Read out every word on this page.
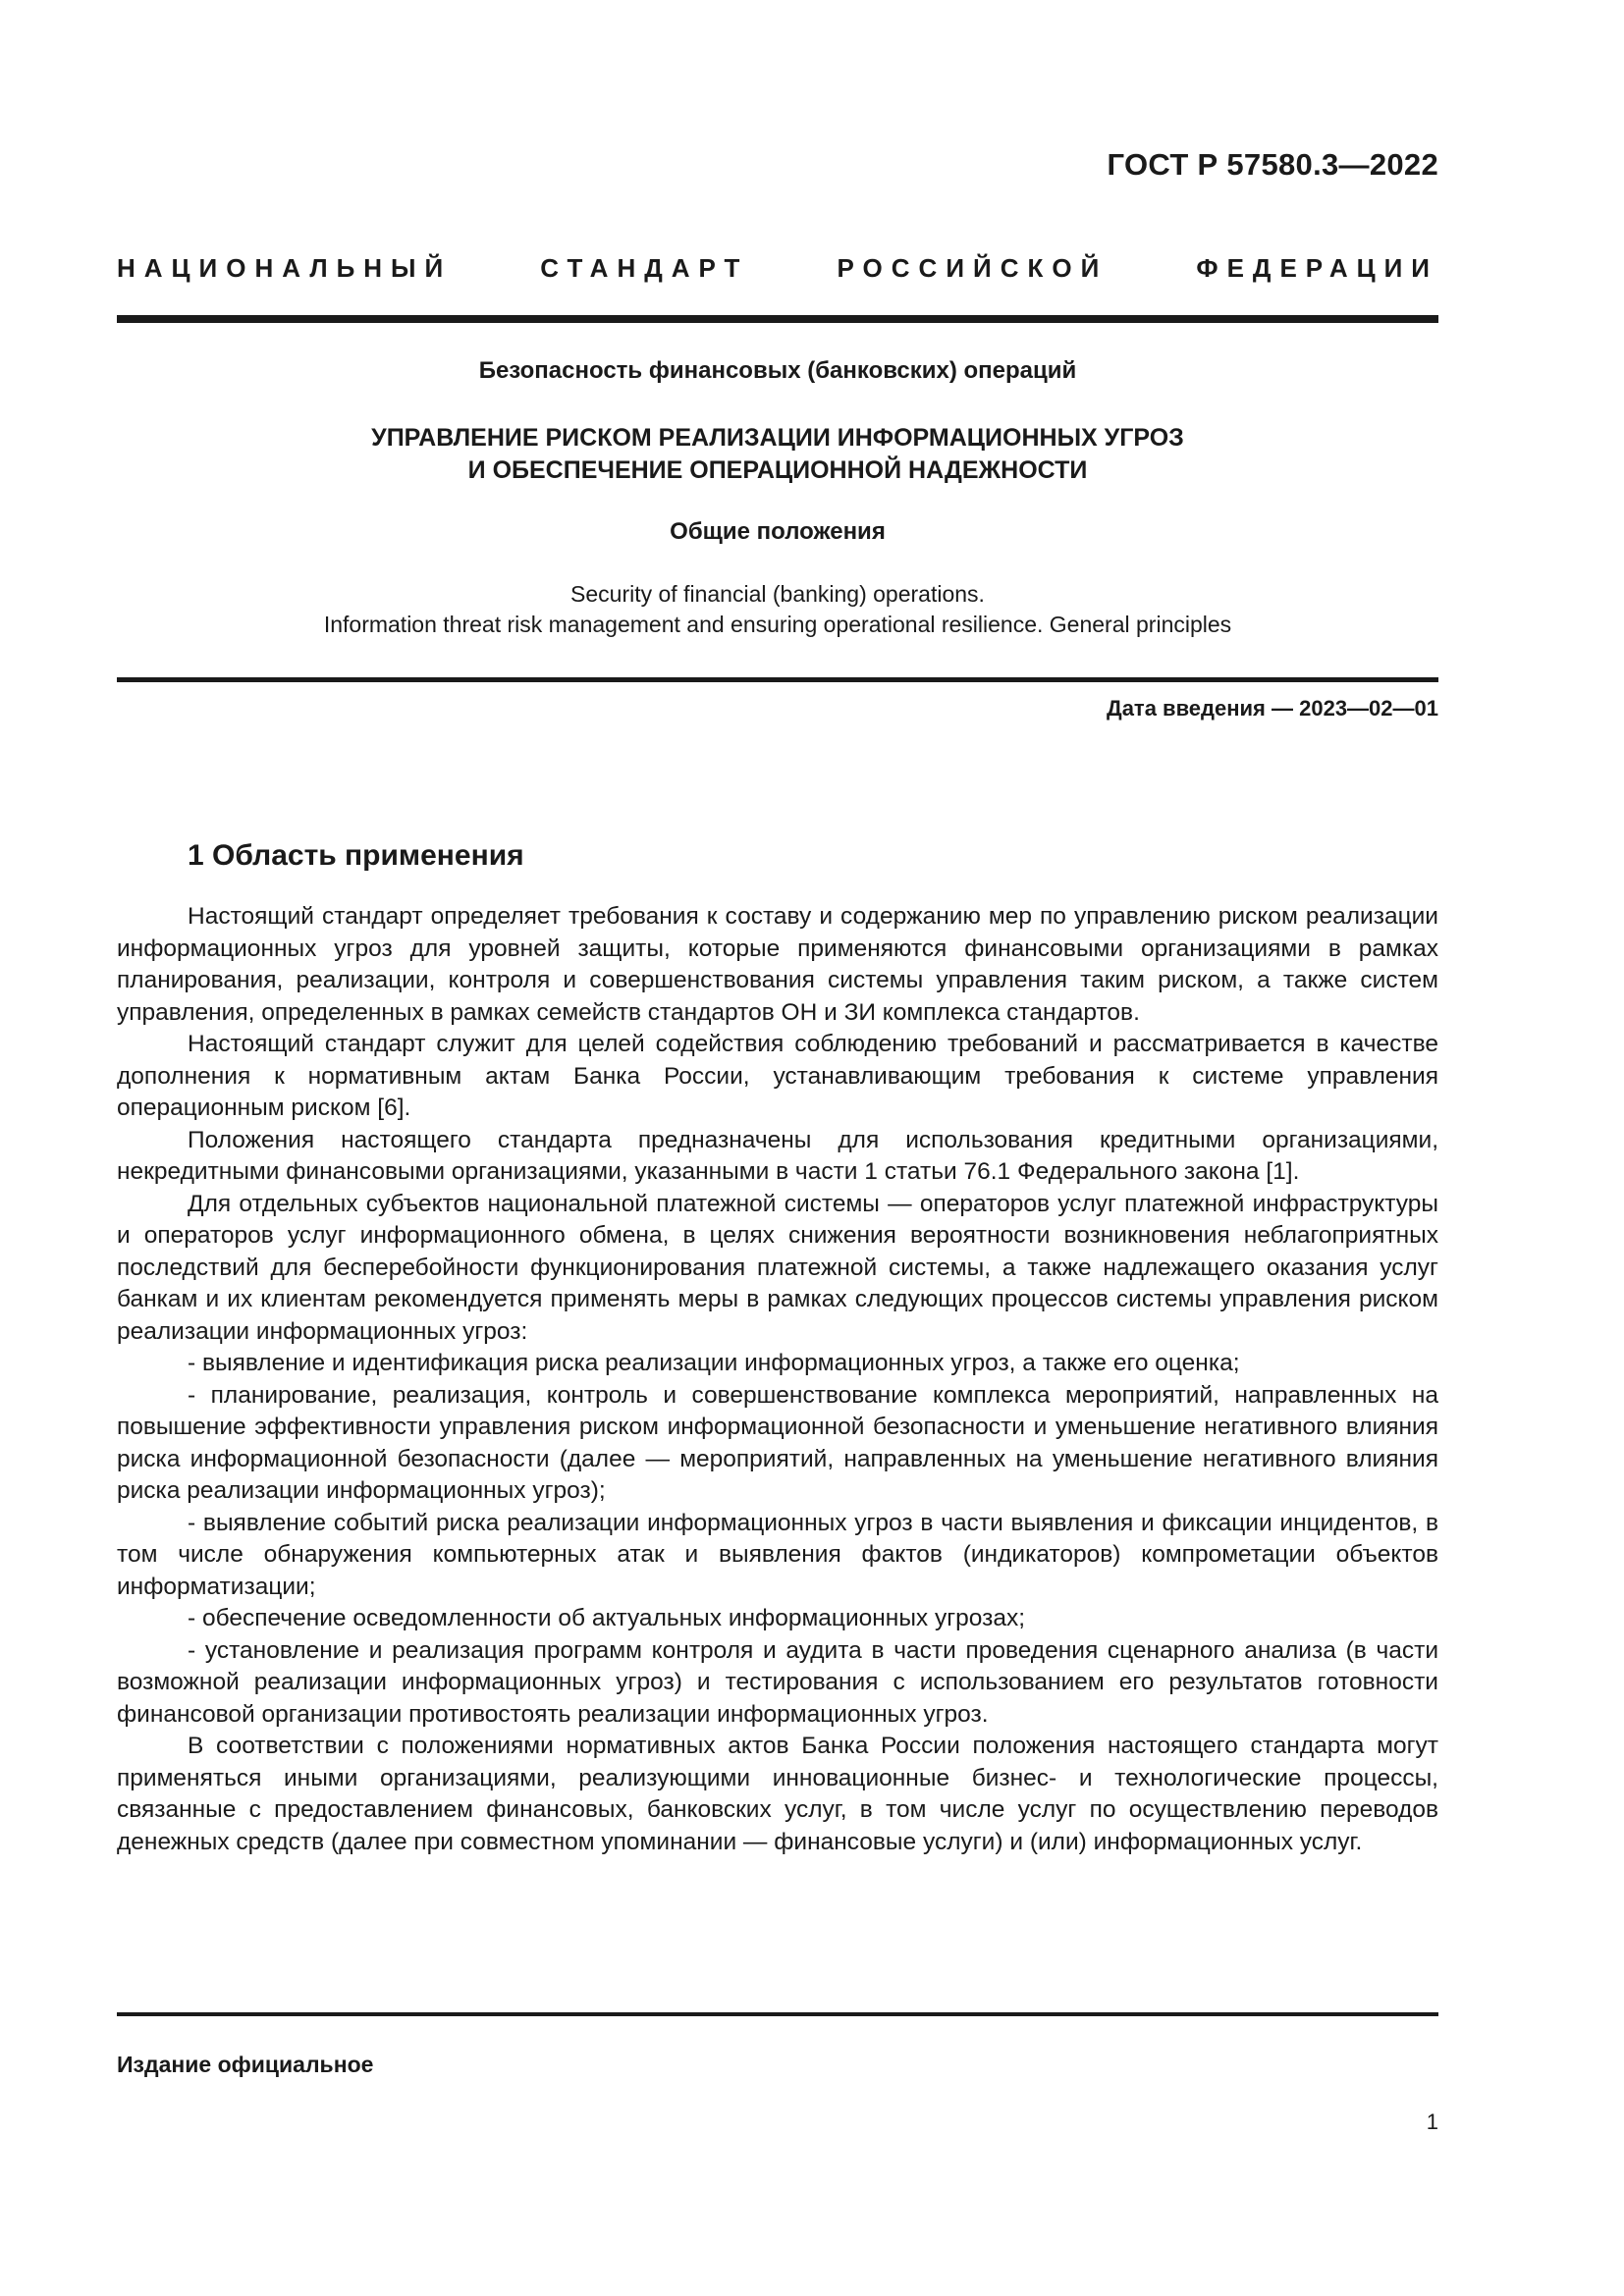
ГОСТ Р 57580.3—2022
НАЦИОНАЛЬНЫЙ СТАНДАРТ РОССИЙСКОЙ ФЕДЕРАЦИИ
Безопасность финансовых (банковских) операций
УПРАВЛЕНИЕ РИСКОМ РЕАЛИЗАЦИИ ИНФОРМАЦИОННЫХ УГРОЗ
И ОБЕСПЕЧЕНИЕ ОПЕРАЦИОННОЙ НАДЕЖНОСТИ
Общие положения
Security of financial (banking) operations.
Information threat risk management and ensuring operational resilience. General principles
Дата введения — 2023—02—01
1 Область применения

Настоящий стандарт определяет требования к составу и содержанию мер по управлению риском реализации информационных угроз для уровней защиты, которые применяются финансовыми организациями в рамках планирования, реализации, контроля и совершенствования системы управления таким риском, а также систем управления, определенных в рамках семейств стандартов ОН и ЗИ комплекса стандартов.

Настоящий стандарт служит для целей содействия соблюдению требований и рассматривается в качестве дополнения к нормативным актам Банка России, устанавливающим требования к системе управления операционным риском [6].

Положения настоящего стандарта предназначены для использования кредитными организациями, некредитными финансовыми организациями, указанными в части 1 статьи 76.1 Федерального закона [1].

Для отдельных субъектов национальной платежной системы — операторов услуг платежной инфраструктуры и операторов услуг информационного обмена, в целях снижения вероятности возникновения неблагоприятных последствий для бесперебойности функционирования платежной системы, а также надлежащего оказания услуг банкам и их клиентам рекомендуется применять меры в рамках следующих процессов системы управления риском реализации информационных угроз:

- выявление и идентификация риска реализации информационных угроз, а также его оценка;

- планирование, реализация, контроль и совершенствование комплекса мероприятий, направленных на повышение эффективности управления риском информационной безопасности и уменьшение негативного влияния риска информационной безопасности (далее — мероприятий, направленных на уменьшение негативного влияния риска реализации информационных угроз);

- выявление событий риска реализации информационных угроз в части выявления и фиксации инцидентов, в том числе обнаружения компьютерных атак и выявления фактов (индикаторов) компрометации объектов информатизации;

- обеспечение осведомленности об актуальных информационных угрозах;

- установление и реализация программ контроля и аудита в части проведения сценарного анализа (в части возможной реализации информационных угроз) и тестирования с использованием его результатов готовности финансовой организации противостоять реализации информационных угроз.

В соответствии с положениями нормативных актов Банка России положения настоящего стандарта могут применяться иными организациями, реализующими инновационные бизнес- и технологические процессы, связанные с предоставлением финансовых, банковских услуг, в том числе услуг по осуществлению переводов денежных средств (далее при совместном упоминании — финансовые услуги) и (или) информационных услуг.

Издание официальное
1
